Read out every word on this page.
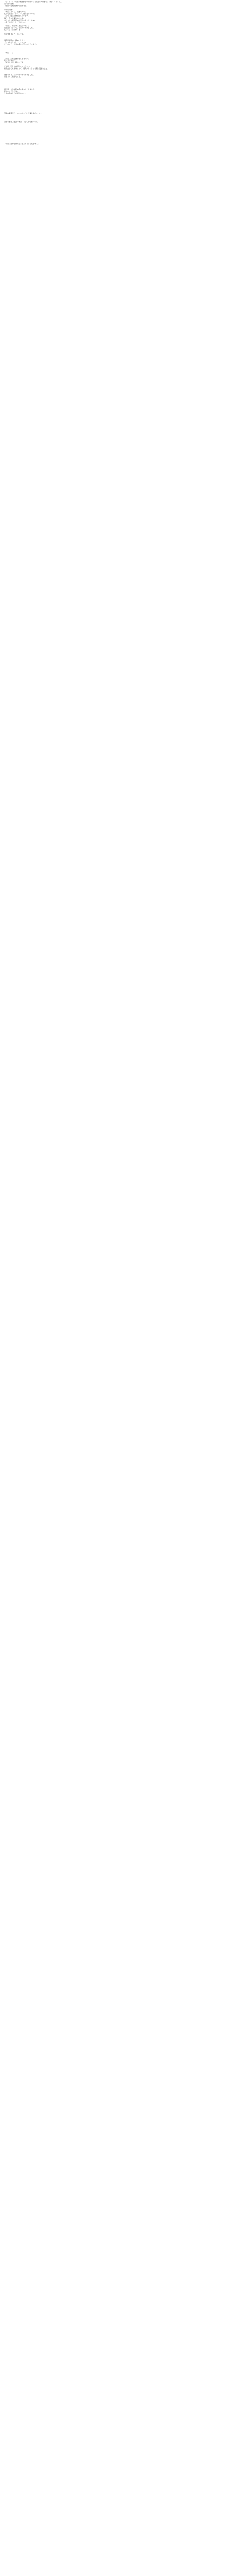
「リーシャフルの新人魔術師が事務所でこの先生を大好きで」 作者：ハイネウム
第一部・前編
（翻訳）仮題新世界の冒険者達
事務所で働く、
「先生はとても、素敵な人ね」
私の名前はリーシャ。十三歳の女の子です。
ここで、魔法の勉強をしています。
毎日、色々な事があります。
ひとりで大事務所のお手伝いをしているの。
大変ですけど、とても楽しい。
「今日は、何をする予定ですか？」
先生はそう言って、私に笑いかけました。
私はちょっと照れくさく、
窓の外を見ると、いい天気。
事務所を開いた時のことです。
「いつもありがとう、リーシャ」
そう言って、先生は優しく笑いかけてくれた。
「先生……」
「今夜、一緒に食事をしませんか」
私は少し驚いて、
「本当ですか？嬉しいです」
その夜、私たちは街のレストランへ。
料理はとても美味しくて、時間があっという間に過ぎました。
食事のあと、二人で夜の街を歩きました。
星がとても綺麗でした。
帰り道、先生は私の手を握ってくれました。
私の心はドキドキ。
先生の手はとても温かかった。
翌朝の事務所で、いつものように仕事を始めました。
書類の整理、魔法の練習、そしてお客様の対応。
「今日は何か特別なことがありそうな気がする」
